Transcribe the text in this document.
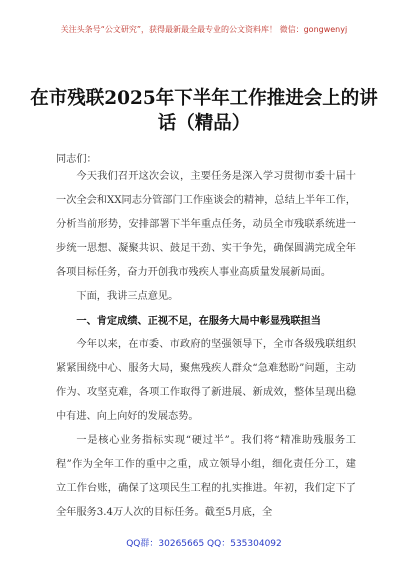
关注头条号“公文研究”，获得最新最全最专业的公文资料库！ 微信：gongwenyj
在市残联2025年下半年工作推进会上的讲话（精品）
同志们：

今天我们召开这次会议，主要任务是深入学习贯彻市委十届十一次全会和XX同志分管部门工作座谈会的精神，总结上半年工作，分析当前形势，安排部署下半年重点任务，动员全市残联系统进一步统一思想、凝聚共识、鼓足干劲、实干争先，确保圆满完成全年各项目标任务，奋力开创我市残疾人事业高质量发展新局面。

下面，我讲三点意见。

一、肯定成绩、正视不足，在服务大局中彰显残联担当

今年以来，在市委、市政府的坚强领导下，全市各级残联组织紧紧围绕中心、服务大局，聚焦残疾人群众“急难愁盼”问题，主动作为、攻坚克难，各项工作取得了新进展、新成效，整体呈现出稳中有进、向上向好的发展态势。

一是核心业务指标实现“硬过半”。我们将“精准助残服务工程”作为全年工作的重中之重，成立领导小组，细化责任分工，建立工作台账，确保了这项民生工程的扎实推进。年初，我们定下了全年服务3.4万人次的目标任务。截至5月底，全

QQ群：30265665 QQ：535304092
